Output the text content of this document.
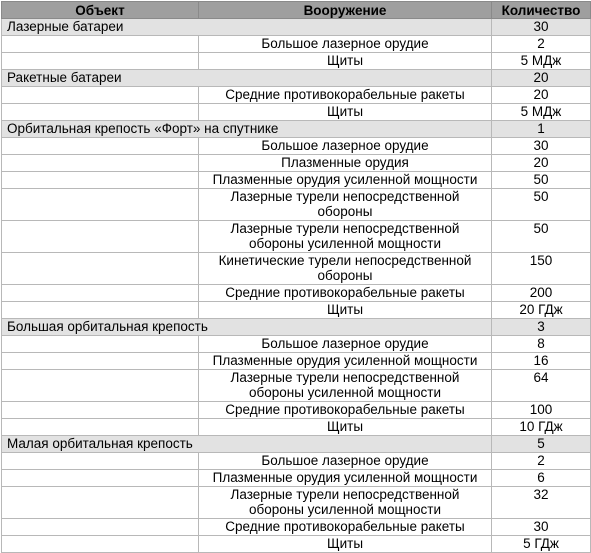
Объект	Вооружение	Количество
Лазерные батареи		30
	Большое лазерное орудие	2
	Щиты	5 МДж
Ракетные батареи		20
	Средние противокорабельные ракеты	20
	Щиты	5 МДж
Орбитальная крепость «Форт» на спутнике		1
	Большое лазерное орудие	30
	Плазменные орудия	20
	Плазменные орудия усиленной мощности	50
	Лазерные турели непосредственной обороны	50
	Лазерные турели непосредственной обороны усиленной мощности	50
	Кинетические турели непосредственной обороны	150
	Средние противокорабельные ракеты	200
	Щиты	20 ГДж
Большая орбитальная крепость		3
	Большое лазерное орудие	8
	Плазменные орудия усиленной мощности	16
	Лазерные турели непосредственной обороны усиленной мощности	64
	Средние противокорабельные ракеты	100
	Щиты	10 ГДж
Малая орбитальная крепость		5
	Большое лазерное орудие	2
	Плазменные орудия усиленной мощности	6
	Лазерные турели непосредственной обороны усиленной мощности	32
	Средние противокорабельные ракеты	30
	Щиты	5 ГДж
